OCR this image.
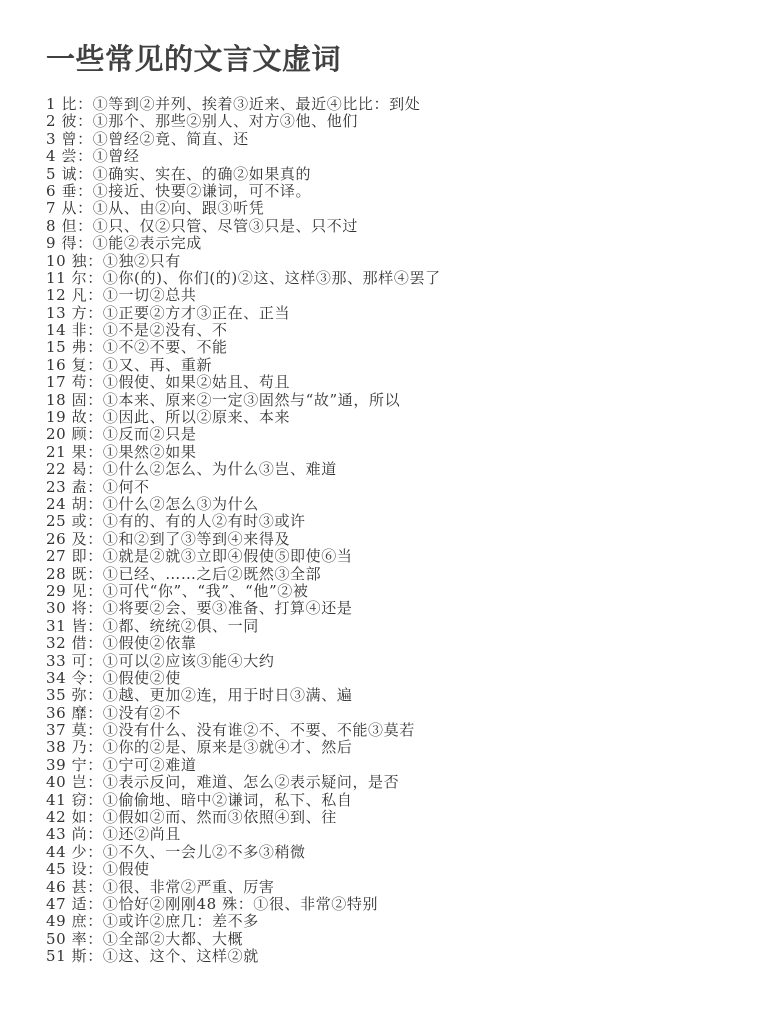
一些常见的文言文虚词
1 比：①等到②并列、挨着③近来、最近④比比：到处
2 彼：①那个、那些②别人、对方③他、他们
3 曾：①曾经②竟、简直、还
4 尝：①曾经
5 诚：①确实、实在、的确②如果真的
6 垂：①接近、快要②谦词，可不译。
7 从：①从、由②向、跟③听凭
8 但：①只、仅②只管、尽管③只是、只不过
9 得：①能②表示完成
10 独：①独②只有
11 尔：①你(的)、你们(的)②这、这样③那、那样④罢了
12 凡：①一切②总共
13 方：①正要②方才③正在、正当
14 非：①不是②没有、不
15 弗：①不②不要、不能
16 复：①又、再、重新
17 苟：①假使、如果②姑且、苟且
18 固：①本来、原来②一定③固然与“故”通，所以
19 故：①因此、所以②原来、本来
20 顾：①反而②只是
21 果：①果然②如果
22 曷：①什么②怎么、为什么③岂、难道
23 盍：①何不
24 胡：①什么②怎么③为什么
25 或：①有的、有的人②有时③或许
26 及：①和②到了③等到④来得及
27 即：①就是②就③立即④假使⑤即使⑥当
28 既：①已经、……之后②既然③全部
29 见：①可代“你”、“我”、“他”②被
30 将：①将要②会、要③准备、打算④还是
31 皆：①都、统统②俱、一同
32 借：①假使②依靠
33 可：①可以②应该③能④大约
34 令：①假使②使
35 弥：①越、更加②连，用于时日③满、遍
36 靡：①没有②不
37 莫：①没有什么、没有谁②不、不要、不能③莫若
38 乃：①你的②是、原来是③就④才、然后
39 宁：①宁可②难道
40 岂：①表示反问，难道、怎么②表示疑问，是否
41 窃：①偷偷地、暗中②谦词，私下、私自
42 如：①假如②而、然而③依照④到、往
43 尚：①还②尚且
44 少：①不久、一会儿②不多③稍微
45 设：①假使
46 甚：①很、非常②严重、厉害
47 适：①恰好②刚刚48 殊：①很、非常②特别
49 庶：①或许②庶几：差不多
50 率：①全部②大都、大概
51 斯：①这、这个、这样②就
